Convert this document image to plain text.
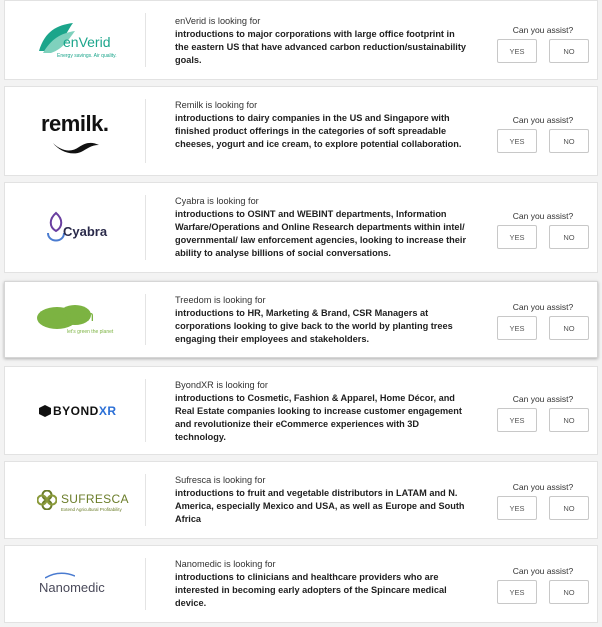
enVerid
Energy savings. Air quality.
enVerid is looking for
introductions to major corporations with large office footprint in the eastern US that have advanced carbon reduction/sustainability goals.
Can you assist?
YES	NO
remilk.
Remilk is looking for
introductions to dairy companies in the US and Singapore with finished product offerings in the categories of soft spreadable cheeses, yogurt and ice cream, to explore potential collaboration.
Can you assist?
YES	NO
Cyabra
Cyabra is looking for
introductions to OSINT and WEBINT departments, Information Warfare/Operations and Online Research departments within intel/ governmental/ law enforcement agencies, looking to increase their ability to analyse billions of social conversations.
Can you assist?
YES	NO
treedom
let's green the planet
Treedom is looking for
introductions to HR, Marketing & Brand, CSR Managers at corporations looking to give back to the world by planting trees engaging their employees and stakeholders.
Can you assist?
YES	NO
BYONDXR
ByondXR is looking for
introductions to Cosmetic, Fashion & Apparel, Home Décor, and Real Estate companies looking to increase customer engagement and revolutionize their eCommerce experiences with 3D technology.
Can you assist?
YES	NO
SUFRESCA
Extend Agricultural Profitability
Sufresca is looking for
introductions to fruit and vegetable distributors in LATAM and N. America, especially Mexico and USA, as well as Europe and South Africa
Can you assist?
YES	NO
Nanomedic
Nanomedic is looking for
introductions to clinicians and healthcare providers who are interested in becoming early adopters of the Spincare medical device.
Can you assist?
YES	NO
